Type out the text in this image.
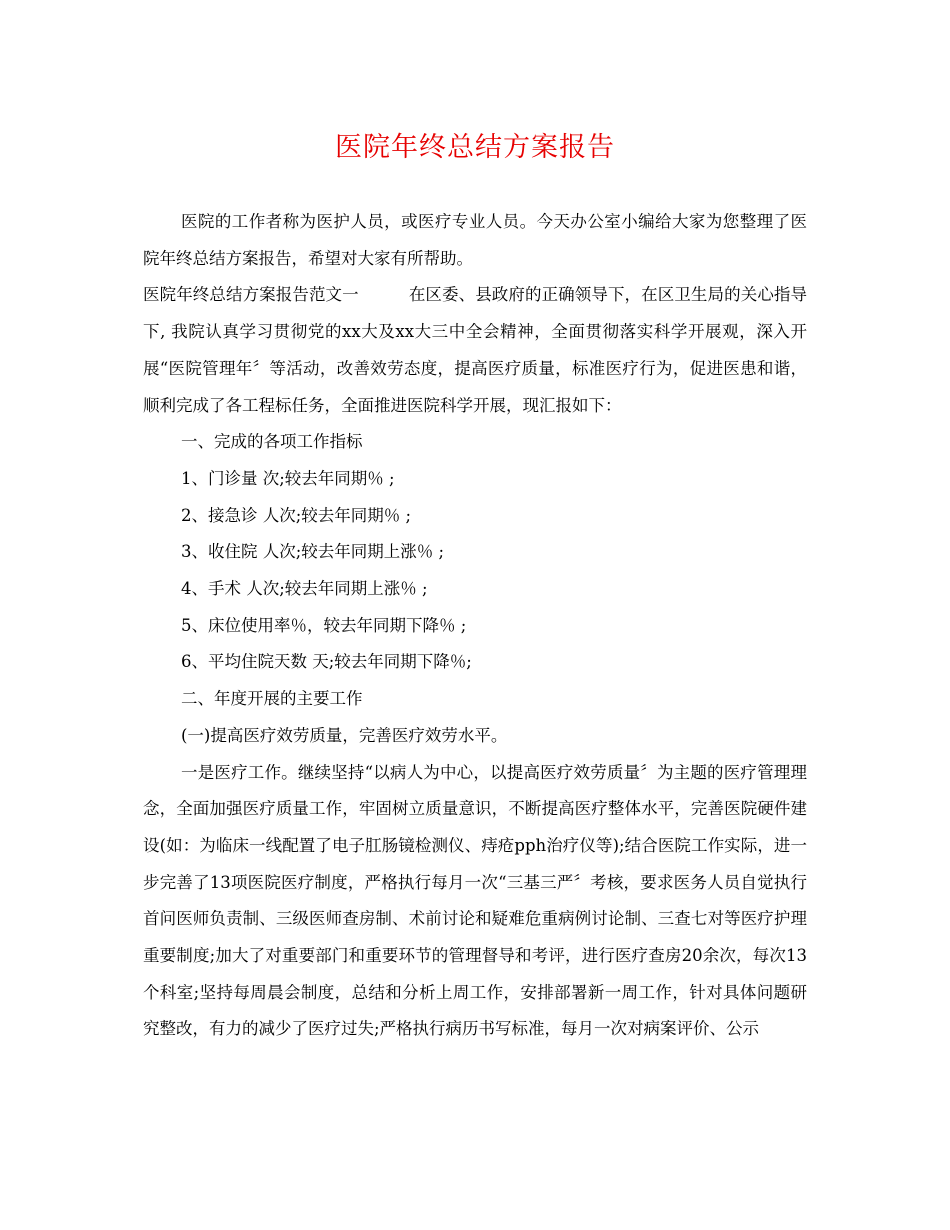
医院年终总结方案报告

医院的工作者称为医护人员，或医疗专业人员。今天办公室小编给大家为您整理了医院年终总结方案报告，希望对大家有所帮助。

医院年终总结方案报告范文一	在区委、县政府的正确领导下，在区卫生局的关心指导下, 我院认真学习贯彻党的xx大及xx大三中全会精神，全面贯彻落实科学开展观，深入开展“医院管理年〞等活动，改善效劳态度，提高医疗质量，标准医疗行为，促进医患和谐，顺利完成了各工程标任务，全面推进医院科学开展，现汇报如下：

一、完成的各项工作指标

1、门诊量 次;较去年同期％ ;

2、接急诊 人次;较去年同期％ ;

3、收住院 人次;较去年同期上涨％ ;

4、手术 人次;较去年同期上涨％ ;

5、床位使用率％，较去年同期下降％ ;

6、平均住院天数 天;较去年同期下降％;

二、年度开展的主要工作

(一)提高医疗效劳质量，完善医疗效劳水平。

一是医疗工作。继续坚持“以病人为中心，以提高医疗效劳质量〞为主题的医疗管理理念，全面加强医疗质量工作，牢固树立质量意识，不断提高医疗整体水平，完善医院硬件建设(如：为临床一线配置了电子肛肠镜检测仪、痔疮pph治疗仪等);结合医院工作实际，进一步完善了13项医院医疗制度，严格执行每月一次“三基三严〞考核，要求医务人员自觉执行首问医师负责制、三级医师查房制、术前讨论和疑难危重病例讨论制、三查七对等医疗护理重要制度;加大了对重要部门和重要环节的管理督导和考评，进行医疗查房20余次，每次13个科室;坚持每周晨会制度，总结和分析上周工作，安排部署新一周工作，针对具体问题研究整改，有力的减少了医疗过失;严格执行病历书写标准，每月一次对病案评价、公示
